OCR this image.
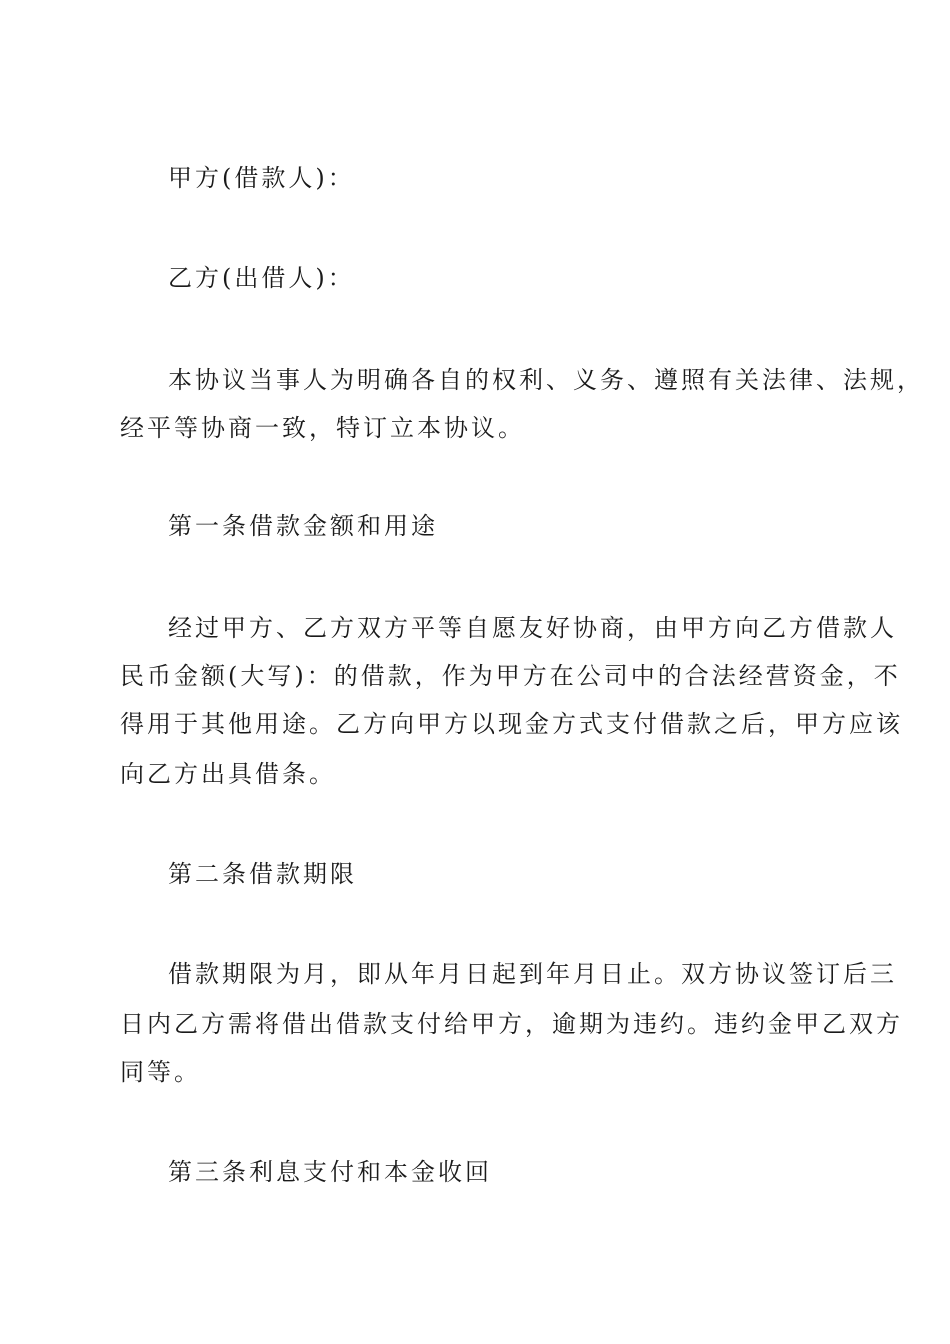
甲方(借款人)：
乙方(出借人)：
本协议当事人为明确各自的权利、义务、遵照有关法律、法规，
经平等协商一致，特订立本协议。
第一条借款金额和用途
经过甲方、乙方双方平等自愿友好协商，由甲方向乙方借款人
民币金额(大写)：的借款，作为甲方在公司中的合法经营资金，不
得用于其他用途。乙方向甲方以现金方式支付借款之后，甲方应该
向乙方出具借条。
第二条借款期限
借款期限为月，即从年月日起到年月日止。双方协议签订后三
日内乙方需将借出借款支付给甲方，逾期为违约。违约金甲乙双方
同等。
第三条利息支付和本金收回
